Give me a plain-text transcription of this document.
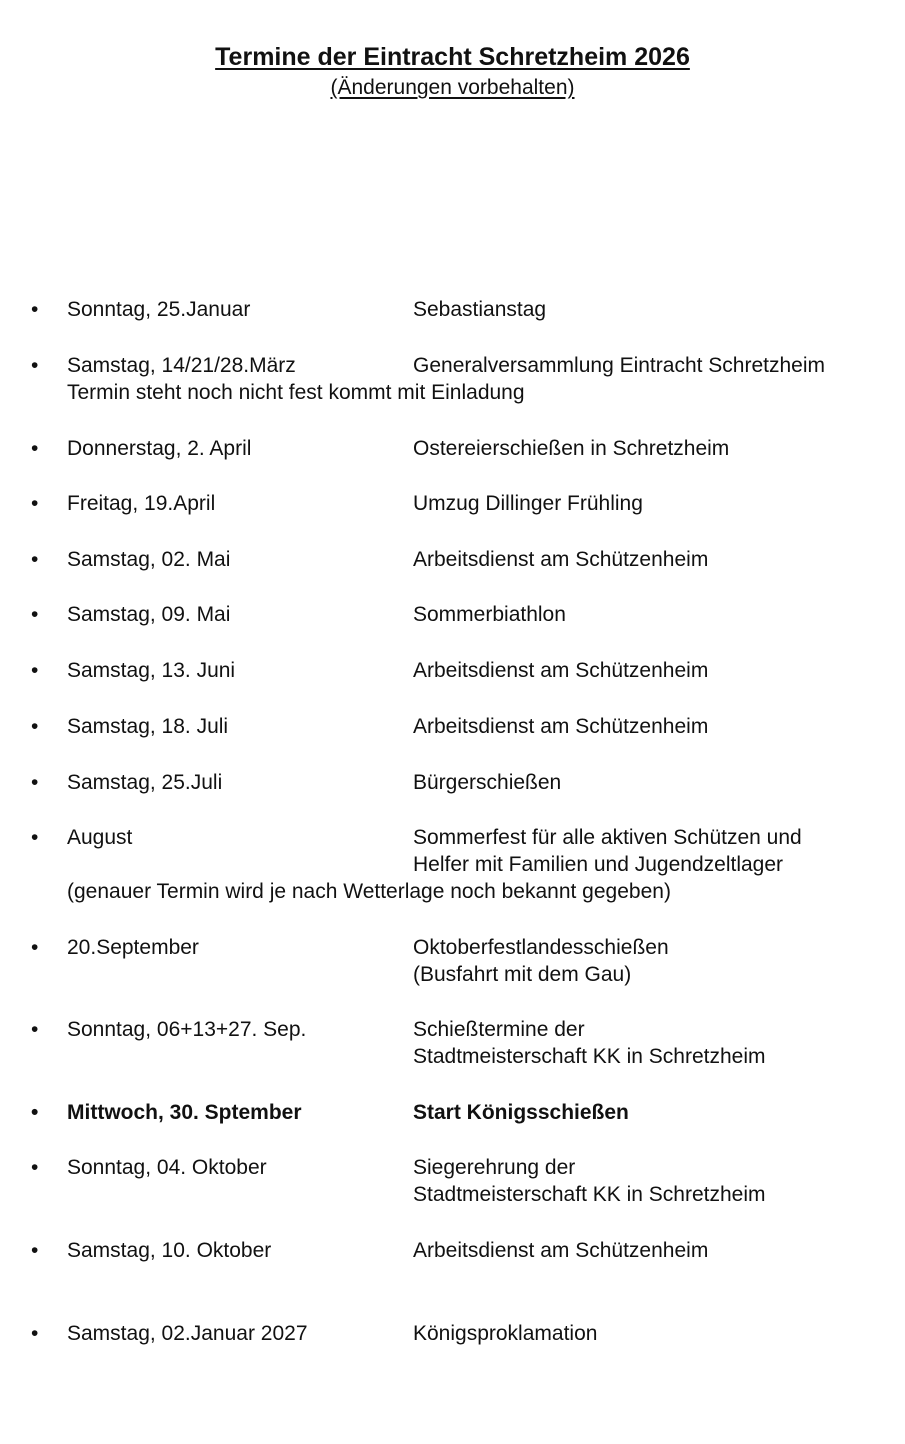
Termine der Eintracht Schretzheim 2026
(Änderungen vorbehalten)
• Sonntag, 25.Januar	Sebastianstag
• Samstag, 14/21/28.März	Generalversammlung Eintracht Schretzheim
Termin steht noch nicht fest kommt mit Einladung
• Donnerstag, 2. April	Ostereierschießen in Schretzheim
• Freitag, 19.April	Umzug Dillinger Frühling
• Samstag, 02. Mai	Arbeitsdienst am Schützenheim
• Samstag, 09. Mai	Sommerbiathlon
• Samstag, 13. Juni	Arbeitsdienst am Schützenheim
• Samstag, 18. Juli	Arbeitsdienst am Schützenheim
• Samstag, 25.Juli	Bürgerschießen
• August	Sommerfest für alle aktiven Schützen und
Helfer mit Familien und Jugendzeltlager
(genauer Termin wird je nach Wetterlage noch bekannt gegeben)
• 20.September	Oktoberfestlandesschießen
(Busfahrt mit dem Gau)
• Sonntag, 06+13+27. Sep.	Schießtermine der
Stadtmeisterschaft KK in Schretzheim
• Mittwoch, 30. Sptember	Start Königsschießen
• Sonntag, 04. Oktober	Siegerehrung der
Stadtmeisterschaft KK in Schretzheim
• Samstag, 10. Oktober	Arbeitsdienst am Schützenheim
• Samstag, 02.Januar 2027	Königsproklamation
